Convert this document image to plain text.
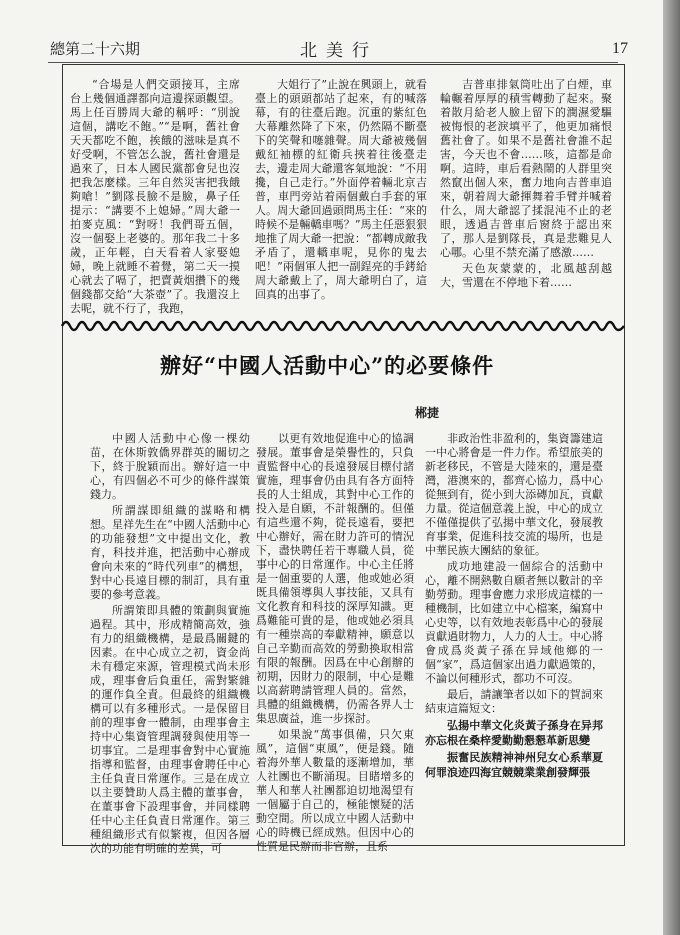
總第二十六期	北美行	17

“合場是人們交頭接耳，主席台上幾個通譯都向這邊探頭觀望。馬上任百勝周大爺的稱呼：“別說這個，講吃不飽。”“是啊，舊社會天天都吃不飽，挨餓的滋味是真不好受啊，不管怎么說，舊社會還是過來了，日本人國民黨都會兒也沒把我怎麼樣。三年自然災害把我餓夠嗆！”劉隊長臉不是臉，鼻子任提示：“講要不上媳婦。”周大爺一拍麥克風：“對呀！我們哥五個，沒一個娶上老婆的。那年我二十多歲，正年輕，白天看着人家娶媳婦，晚上就睡不着覺，第二天一摸心就去了嗝了，把賣黃烟攢下的幾個錢都交給“大茶壺”了。我還沒上去呢，就不行了，我跑，

大姐行了”止說在興頭上，就看臺上的頭頭都站了起來，有的喊落幕，有的往臺后跑。沉重的紫紅色大幕離然降了下來，仍然隔不斷臺下的笑聲和噻雜聲。周大爺被幾個戴紅袖標的紅衛兵挾着往後臺走去，邊走周大爺還客氣地說：“不用攙，自己走行。”外面停着輛北京吉普，車門旁站着兩個戴白手套的軍人。周大爺回過頭問馬主任：“來的時候不是輛轎車嗎？”馬主任惡狠狠地推了周大爺一把說：“都轉成敵我矛盾了，還轎車呢，見你的鬼去吧！”兩個軍人把一副鋥亮的手銬給周大爺戴上了，周大爺明白了，這回真的出事了。

吉普車排氣筒吐出了白煙，車輪輾着厚厚的積雪轉動了起來。聚着散月給老人臉上留下的潤濕愛驅被悔恨的老淚填平了，他更加痛恨舊社會了。如果不是舊社會誰不起害，今天也不會……咳，這都是命啊。這時，車后看熱鬧的人群里突然竄出個人來，奮力地向吉普車追來，朝着周大爺揮舞着手臂并喊着什么，周大爺認了揉混沌不止的老眼，透過吉普車后窗終于認出來了，那人是劉隊長，真是悲難見人心哪。心里不禁充滿了感激……

天色灰蒙蒙的，北風越刮越大，雪還在不停地下着……

辦好“中國人活動中心”的必要條件
郴捷

中國人活動中心像一棵幼苗，在休斯敦僑界群英的關切之下，終于脫穎而出。辦好這一中心，有四個必不可少的條件謀策錢力。

所謂謀即組織的謀略和構想。星祥先生在“中國人活動中心的功能發想”文中提出文化，教育，科技并進，把活動中心辦成會向未來的“時代列車”的構想，對中心長遠目標的制訂，具有重要的參考意義。

所謂策即具體的策劃與實施過程。其中，形成精簡高效，強有力的組織機構，是最爲關鍵的因素。在中心成立之初，資金尚未有穩定來源，管理模式尚未形成，理事會后負重任，需對繁雜的運作負全責。但最終的組織機構可以有多種形式。一是保留目前的理事會一體制，由理事會主持中心集資管理調發與使用等一切事宜。二是理事會對中心實施指導和監督，由理事會聘任中心主任負責日常運作。三是在成立以主要贊助人爲主體的董事會，在董事會下設理事會，并同樣聘任中心主任負責日常運作。第三種組織形式有似繁複，但因各層次的功能有明確的差異，可

以更有效地促進中心的協調發展。董事會是榮譽性的，只負責監督中心的長遠發展目標付諸實施，理事會仍由具有各方面特長的人士組成，其對中心工作的投入是自願，不計報酬的。但僅有這些還不夠，從長遠看，要把中心辦好，需在財力許可的情況下，盡快聘任若干專職人員，從事中心的日常運作。中心主任將是一個重要的人選，他或她必須既具備領導與人事技能，又具有文化教育和科技的深厚知識。更爲難能可貴的是，他或她必須具有一種崇高的奉獻精神，願意以自己辛勤而高效的勞動換取相當有限的報酬。因爲在中心創辦的初期，因財力的限制，中心是難以高薪聘請管理人員的。當然，具體的組織機構，仍需各界人士集思廣益，進一步探討。

如果說“萬事俱備，只欠東風”，這個“東風”，便是錢。隨着海外華人數量的逐漸增加，華人社團也不斷涌現。目睹增多的華人和華人社團都迫切地渴望有一個屬于自己的，極能懷疑的活動空間。所以成立中國人活動中心的時機已經成熟。但因中心的性質是民辦而非官辦，且系

非政治性非盈利的，集資籌建這一中心將會是一件力作。希望旅美的新老移民，不管是大陸來的，還是臺灣，港澳來的，都齊心協力，爲中心從無到有，從小到大添磚加瓦，貢獻力量。從這個意義上說，中心的成立不僅僅提供了弘揚中華文化，發展教育事業，促進科技交流的場所，也是中華民族大團結的象征。

成功地建設一個綜合的活動中心，離不開熱數自願者無以數計的辛勤勞動。理事會應力求形成這樣的一種機制，比如建立中心檔案，編寫中心史等，以有效地表彰爲中心的發展貢獻過財物力，人力的人士。中心將會成爲炎黃子孫在异域他鄉的一個“家”，爲這個家出過力獻過策的，不論以何種形式，都功不可沒。

最后，請讓筆者以如下的賀詞來結束這篇短文：

弘揚中華文化炎黃子孫身在异邦亦忘根在桑梓愛勤勤懇懇革新思變

振奮民族精神神州兒女心系華夏何罪浪迹四海宜競競業業創發輝張
